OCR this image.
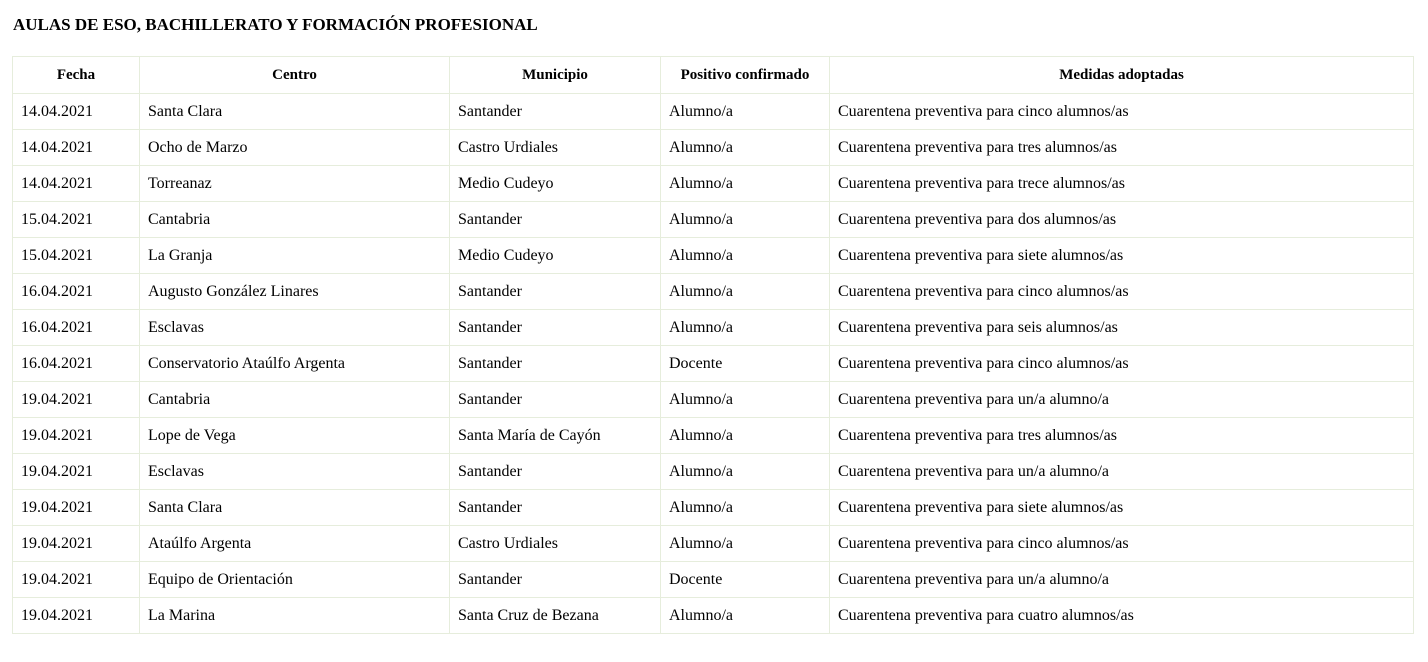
AULAS DE ESO, BACHILLERATO Y FORMACIÓN PROFESIONAL
Fecha	Centro	Municipio	Positivo confirmado	Medidas adoptadas
14.04.2021	Santa Clara	Santander	Alumno/a	Cuarentena preventiva para cinco alumnos/as
14.04.2021	Ocho de Marzo	Castro Urdiales	Alumno/a	Cuarentena preventiva para tres alumnos/as
14.04.2021	Torreanaz	Medio Cudeyo	Alumno/a	Cuarentena preventiva para trece alumnos/as
15.04.2021	Cantabria	Santander	Alumno/a	Cuarentena preventiva para dos alumnos/as
15.04.2021	La Granja	Medio Cudeyo	Alumno/a	Cuarentena preventiva para siete alumnos/as
16.04.2021	Augusto González Linares	Santander	Alumno/a	Cuarentena preventiva para cinco alumnos/as
16.04.2021	Esclavas	Santander	Alumno/a	Cuarentena preventiva para seis alumnos/as
16.04.2021	Conservatorio Ataúlfo Argenta	Santander	Docente	Cuarentena preventiva para cinco alumnos/as
19.04.2021	Cantabria	Santander	Alumno/a	Cuarentena preventiva para un/a alumno/a
19.04.2021	Lope de Vega	Santa María de Cayón	Alumno/a	Cuarentena preventiva para tres alumnos/as
19.04.2021	Esclavas	Santander	Alumno/a	Cuarentena preventiva para un/a alumno/a
19.04.2021	Santa Clara	Santander	Alumno/a	Cuarentena preventiva para siete alumnos/as
19.04.2021	Ataúlfo Argenta	Castro Urdiales	Alumno/a	Cuarentena preventiva para cinco alumnos/as
19.04.2021	Equipo de Orientación	Santander	Docente	Cuarentena preventiva para un/a alumno/a
19.04.2021	La Marina	Santa Cruz de Bezana	Alumno/a	Cuarentena preventiva para cuatro alumnos/as
